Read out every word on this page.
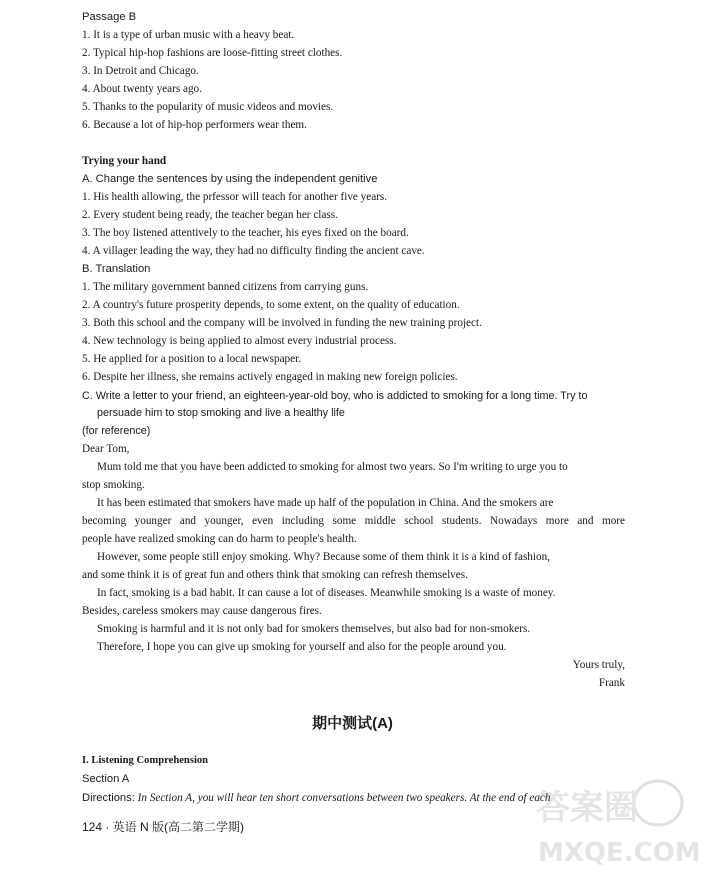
Passage B
1. It is a type of urban music with a heavy beat.
2. Typical hip-hop fashions are loose-fitting street clothes.
3. In Detroit and Chicago.
4. About twenty years ago.
5. Thanks to the popularity of music videos and movies.
6. Because a lot of hip-hop performers wear them.
Trying your hand
A. Change the sentences by using the independent genitive
1. His health allowing, the prfessor will teach for another five years.
2. Every student being ready, the teacher began her class.
3. The boy listened attentively to the teacher, his eyes fixed on the board.
4. A villager leading the way, they had no difficulty finding the ancient cave.
B. Translation
1. The military government banned citizens from carrying guns.
2. A country's future prosperity depends, to some extent, on the quality of education.
3. Both this school and the company will be involved in funding the new training project.
4. New technology is being applied to almost every industrial process.
5. He applied for a position to a local newspaper.
6. Despite her illness, she remains actively engaged in making new foreign policies.
C. Write a letter to your friend, an eighteen-year-old boy, who is addicted to smoking for a long time. Try to
persuade him to stop smoking and live a healthy life
(for reference)
Dear Tom,
Mum told me that you have been addicted to smoking for almost two years. So I'm writing to urge you to
stop smoking.
It has been estimated that smokers have made up half of the population in China. And the smokers are
becoming younger and younger, even including some middle school students. Nowadays more and more
people have realized smoking can do harm to people's health.
However, some people still enjoy smoking. Why? Because some of them think it is a kind of fashion,
and some think it is of great fun and others think that smoking can refresh themselves.
In fact, smoking is a bad habit. It can cause a lot of diseases. Meanwhile smoking is a waste of money.
Besides, careless smokers may cause dangerous fires.
Smoking is harmful and it is not only bad for smokers themselves, but also bad for non-smokers.
Therefore, I hope you can give up smoking for yourself and also for the people around you.
Yours truly,
Frank
期中测试(A)
I. Listening Comprehension
Section A
Directions: In Section A, you will hear ten short conversations between two speakers. At the end of each
124 · 英语 N 版(高二第二学期)	答案圈
MXQE.COM
